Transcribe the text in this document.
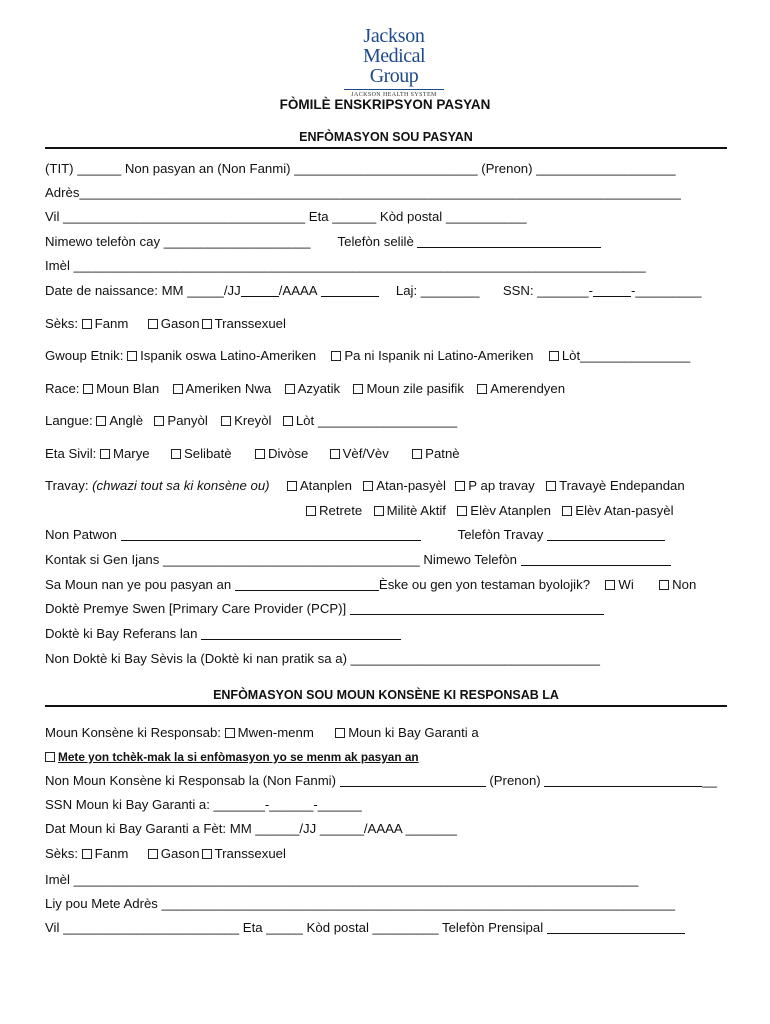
Jackson
Medical Group
JACKSON HEALTH SYSTEM
FÒMILÈ ENSKRIPSYON PASYAN
ENFÒMASYON SOU PASYAN
(TIT) ______ Non pasyan an (Non Fanmi) _________________________ (Prenon) ___________________
Adrès__________________________________________________________________________________
Vil _________________________________ Eta ______ Kòd postal ___________
Nimewo telefòn cay ____________________ Telefòn selilè
Imèl ______________________________________________________________________________
Date de naissance: MM _____/JJ	/AAAA	Laj: ________ SSN: _______-	-_________
Sèks: Fanm Gason Transsexuel
Gwoup Etnik: Ispanik oswa Latino-Ameriken Pa ni Ispanik ni Latino-Ameriken Lòt_______________
Race: Moun Blan Ameriken Nwa Azyatik Moun zile pasifik Amerendyen
Langue: Anglè Panyòl Kreyòl Lòt ___________________
Eta Sivil: Marye	Selibatè	Divòse	Vèf/Vèv	Patnè
Travay: (chwazi tout sa ki konsène ou) Atanplen Atan-pasyèl P ap travay Travayè Endepandan
Retrete Militè Aktif Elèv Atanplen Elèv Atan-pasyèl
Non Patwon	Telefòn Travay
Kontak si Gen Ijans ___________________________________ Nimewo Telefòn
Sa Moun nan ye pou pasyan an	Èske ou gen yon testaman byolojik? Wi	Non
Doktè Premye Swen [Primary Care Provider (PCP)]
Doktè ki Bay Referans lan
Non Doktè ki Bay Sèvis la (Doktè ki nan pratik sa a) __________________________________
ENFÒMASYON SOU MOUN KONSÈNE KI RESPONSAB LA
Moun Konsène ki Responsab: Mwen-menm	Moun ki Bay Garanti a
Mete yon tchèk-mak la si enfòmasyon yo se menm ak pasyan an
Non Moun Konsène ki Responsab la (Non Fanmi)	(Prenon)	__
SSN Moun ki Bay Garanti a: _______-______-______
Dat Moun ki Bay Garanti a Fèt: MM ______/JJ ______/AAAA _______
Sèks: Fanm Gason Transsexuel
Imèl _____________________________________________________________________________
Liy pou Mete Adrès ______________________________________________________________________
Vil ________________________ Eta _____ Kòd postal _________ Telefòn Prensipal
